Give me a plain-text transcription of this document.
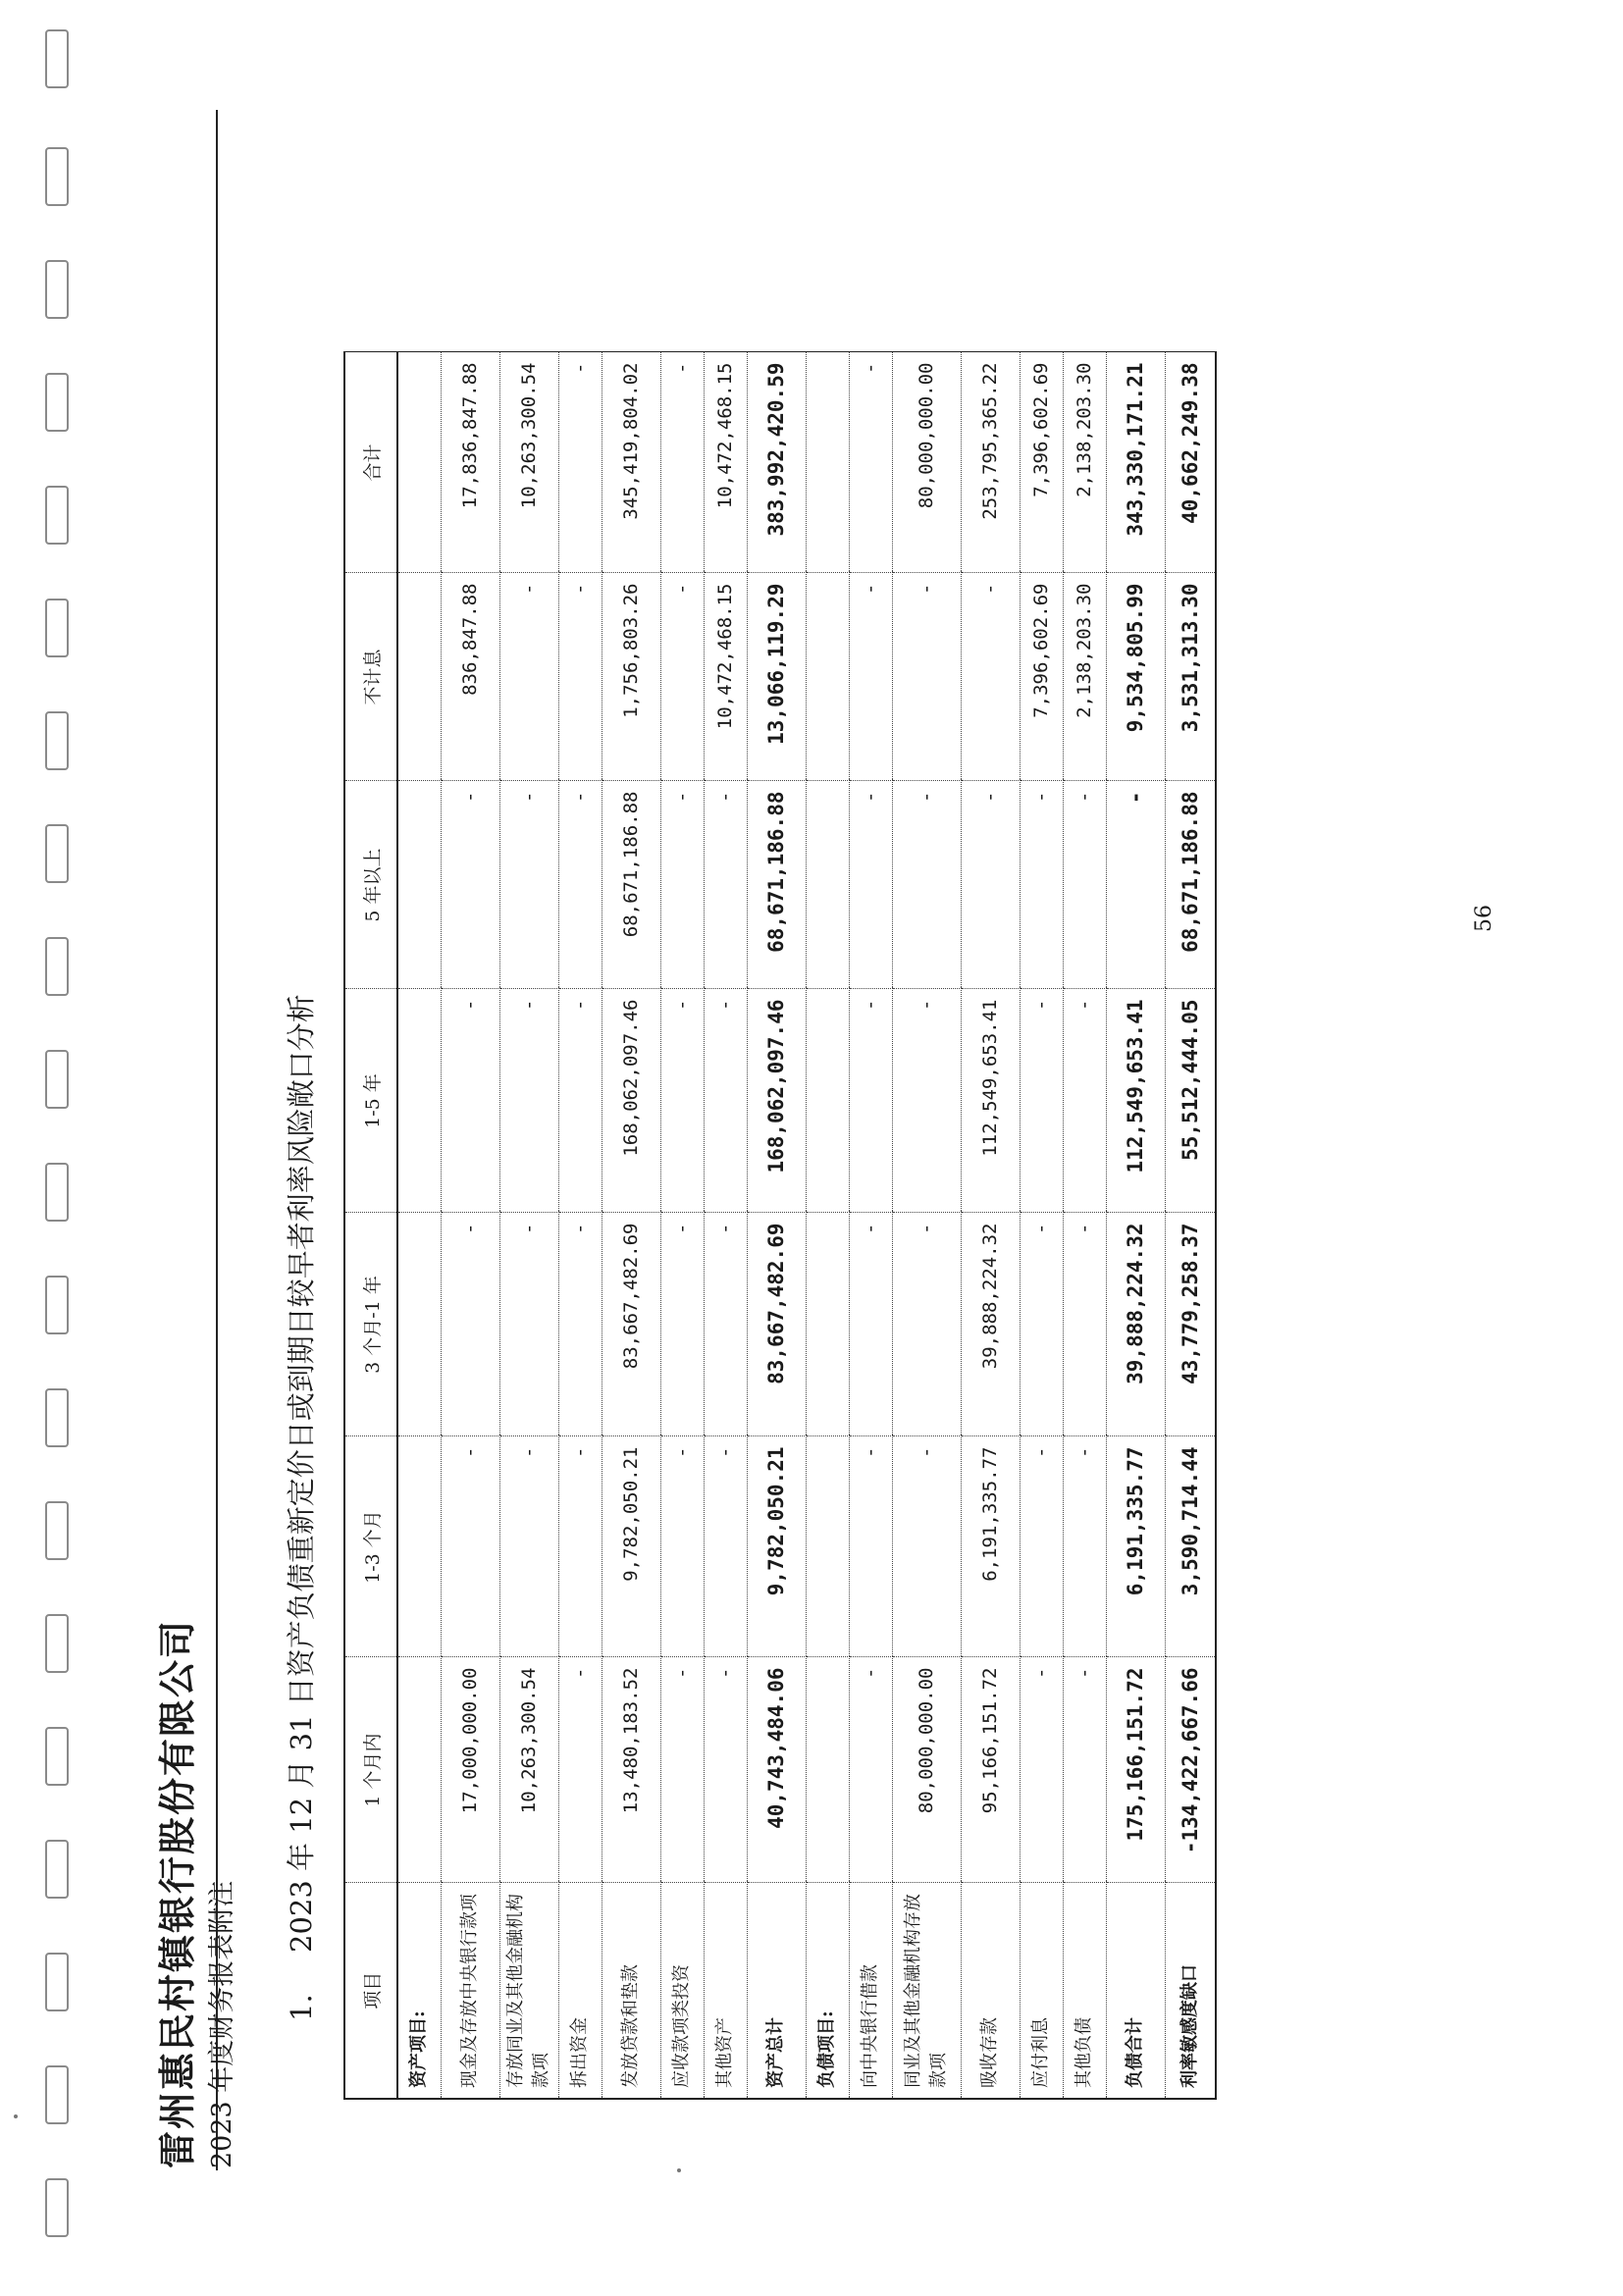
雷州惠民村镇银行股份有限公司 2023 年度财务报表附注 1.2023 年 12 月 31 日资产负债重新定价日或到期日较早者利率风险敞口分析
项目	1 个月内	1-3 个月	3 个月-1 年	1-5 年	5 年以上	不计息	合计
资产项目:							
现金及存放中央银行款项	17,000,000.00	-	-	-	-	836,847.88	17,836,847.88
存放同业及其他金融机构款项	10,263,300.54	-	-	-	-	-	10,263,300.54
拆出资金	-	-	-	-	-	-	-
发放贷款和垫款	13,480,183.52	9,782,050.21	83,667,482.69	168,062,097.46	68,671,186.88	1,756,803.26	345,419,804.02
应收款项类投资	-	-	-	-	-	-	-
其他资产	-	-	-	-	-	10,472,468.15	10,472,468.15
资产总计	40,743,484.06	9,782,050.21	83,667,482.69	168,062,097.46	68,671,186.88	13,066,119.29	383,992,420.59
负债项目:							
向中央银行借款	-	-	-	-	-	-	-
同业及其他金融机构存放款项	80,000,000.00	-	-	-	-	-	80,000,000.00
吸收存款	95,166,151.72	6,191,335.77	39,888,224.32	112,549,653.41	-	-	253,795,365.22
应付利息	-	-	-	-	-	7,396,602.69	7,396,602.69
其他负债	-	-	-	-	-	2,138,203.30	2,138,203.30
负债合计	175,166,151.72	6,191,335.77	39,888,224.32	112,549,653.41	-	9,534,805.99	343,330,171.21
利率敏感度缺口	-134,422,667.66	3,590,714.44	43,779,258.37	55,512,444.05	68,671,186.88	3,531,313.30	40,662,249.38
56
